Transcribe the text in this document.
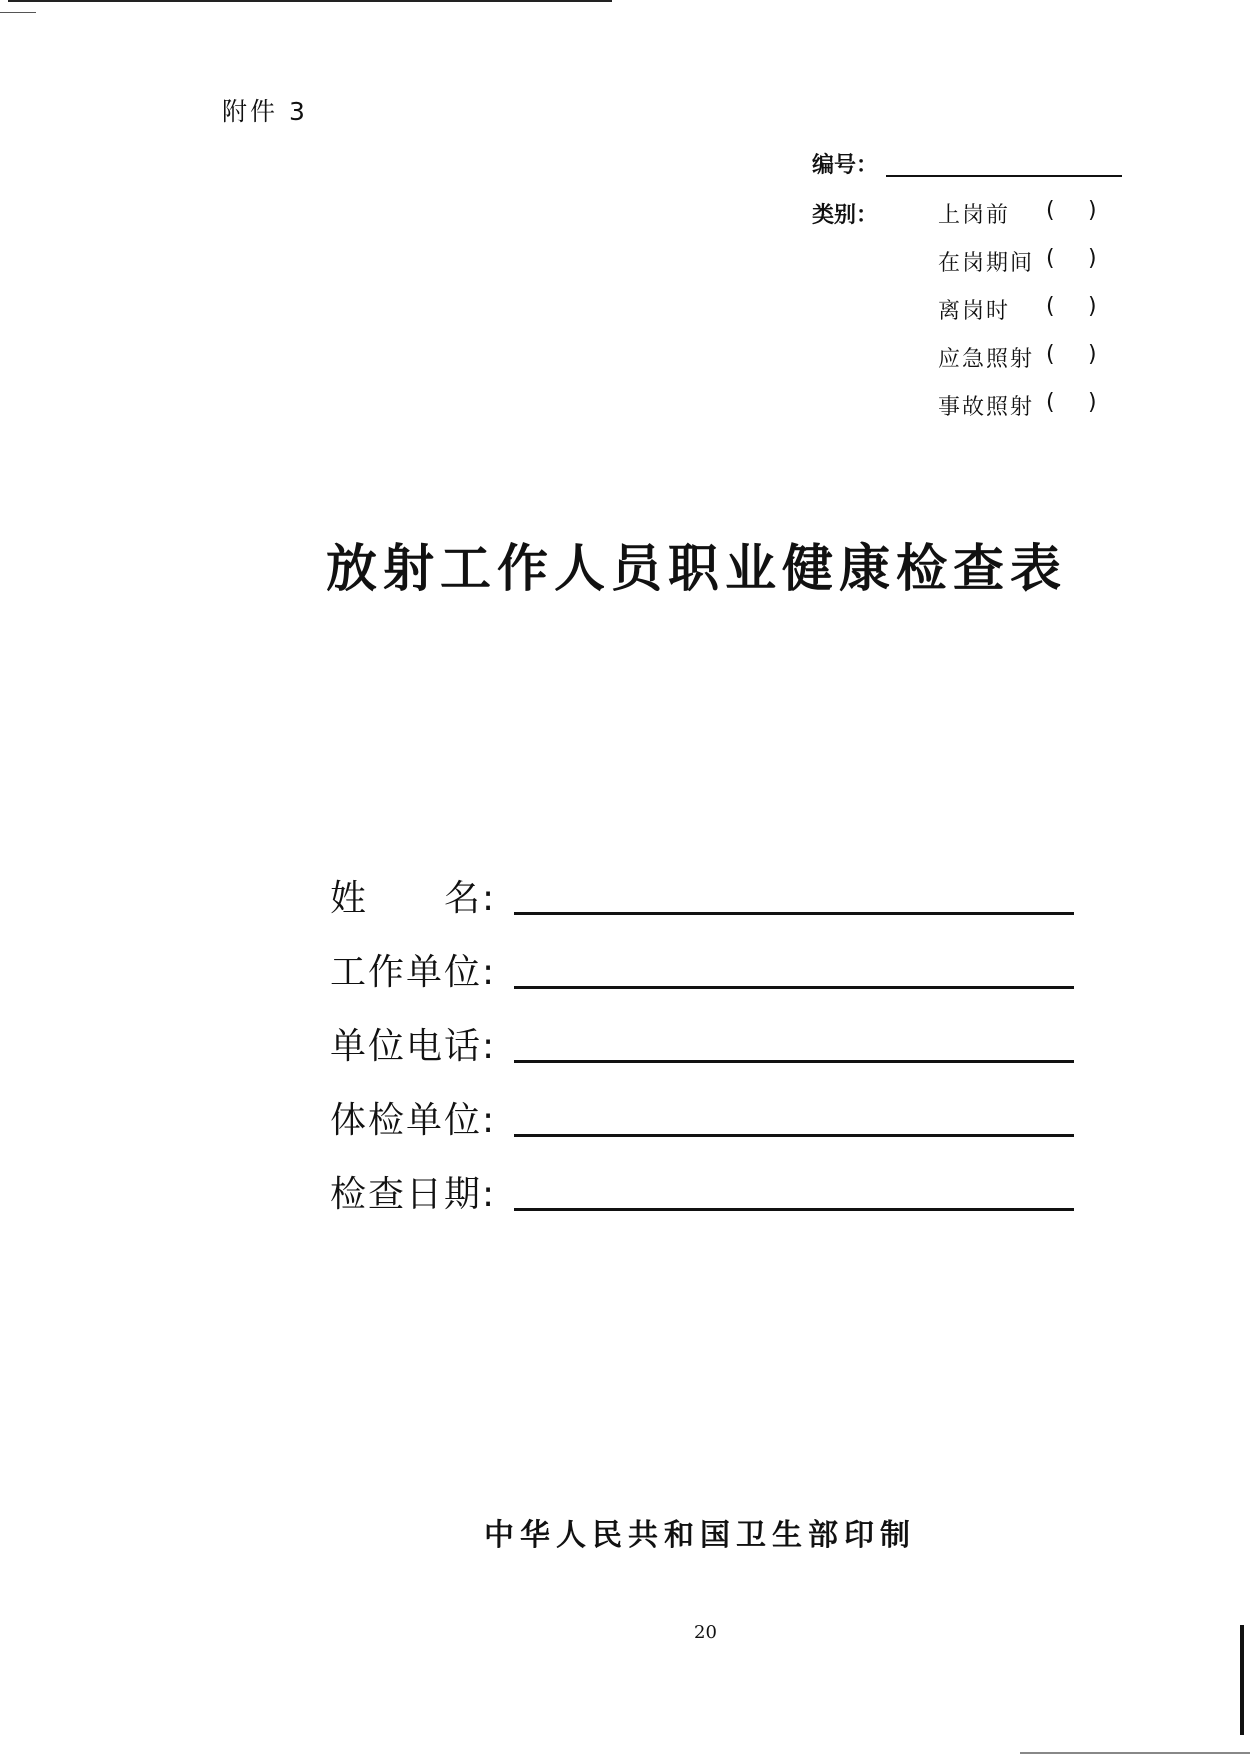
附件 3
编号：
类别：	上岗前 ( )
在岗期间 ( )
离岗时 ( )
应急照射 ( )
事故照射 ( )
放射工作人员职业健康检查表
姓　　名:
工作单位:
单位电话:
体检单位:
检查日期:
中华人民共和国卫生部印制
20
